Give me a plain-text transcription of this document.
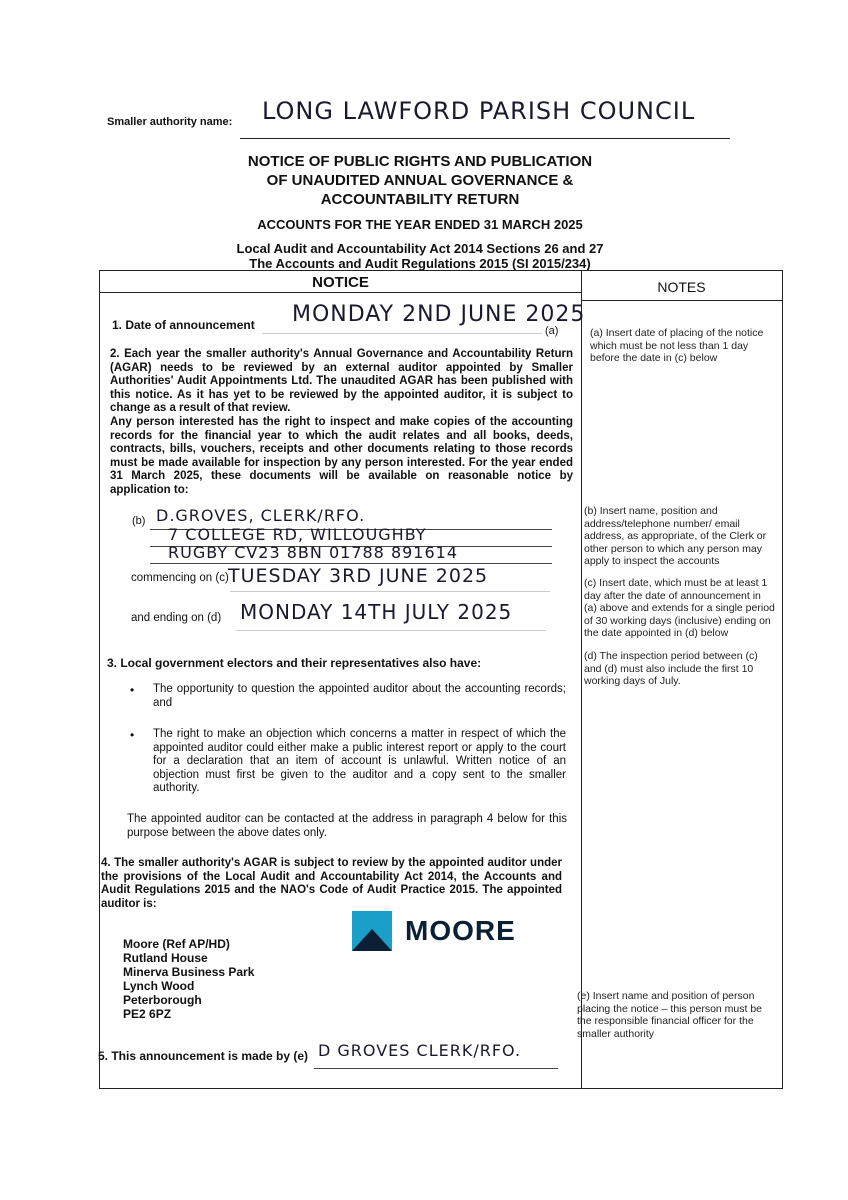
Smaller authority name: LONG LAWFORD PARISH COUNCIL
NOTICE OF PUBLIC RIGHTS AND PUBLICATION
OF UNAUDITED ANNUAL GOVERNANCE &
ACCOUNTABILITY RETURN
ACCOUNTS FOR THE YEAR ENDED 31 MARCH 2025
Local Audit and Accountability Act 2014 Sections 26 and 27
The Accounts and Audit Regulations 2015 (SI 2015/234)
NOTICE	NOTES
1. Date of announcement MONDAY 2ND JUNE 2025
(a)
2. Each year the smaller authority's Annual Governance and Accountability Return (AGAR) needs to be reviewed by an external auditor appointed by Smaller Authorities' Audit Appointments Ltd. The unaudited AGAR has been published with this notice. As it has yet to be reviewed by the appointed auditor, it is subject to change as a result of that review.
Any person interested has the right to inspect and make copies of the accounting records for the financial year to which the audit relates and all books, deeds, contracts, bills, vouchers, receipts and other documents relating to those records must be made available for inspection by any person interested. For the year ended 31 March 2025, these documents will be available on reasonable notice by application to:
(b) D.GROVES, CLERK/RFO.
7 COLLEGE RD, WILLOUGHBY
RUGBY CV23 8BN 01788 891614
commencing on (c) TUESDAY 3RD JUNE 2025
and ending on (d) MONDAY 14TH JULY 2025
3. Local government electors and their representatives also have:
• The opportunity to question the appointed auditor about the accounting records; and
• The right to make an objection which concerns a matter in respect of which the appointed auditor could either make a public interest report or apply to the court for a declaration that an item of account is unlawful. Written notice of an objection must first be given to the auditor and a copy sent to the smaller authority.
The appointed auditor can be contacted at the address in paragraph 4 below for this purpose between the above dates only.
4. The smaller authority's AGAR is subject to review by the appointed auditor under the provisions of the Local Audit and Accountability Act 2014, the Accounts and Audit Regulations 2015 and the NAO's Code of Audit Practice 2015. The appointed auditor is:
MOORE
Moore (Ref AP/HD)
Rutland House
Minerva Business Park
Lynch Wood
Peterborough
PE2 6PZ
5. This announcement is made by (e) D GROVES CLERK/RFO.
(a) Insert date of placing of the notice which must be not less than 1 day before the date in (c) below
(b) Insert name, position and address/telephone number/ email address, as appropriate, of the Clerk or other person to which any person may apply to inspect the accounts
(c) Insert date, which must be at least 1 day after the date of announcement in (a) above and extends for a single period of 30 working days (inclusive) ending on the date appointed in (d) below
(d) The inspection period between (c) and (d) must also include the first 10 working days of July.
(e) Insert name and position of person placing the notice – this person must be the responsible financial officer for the smaller authority
